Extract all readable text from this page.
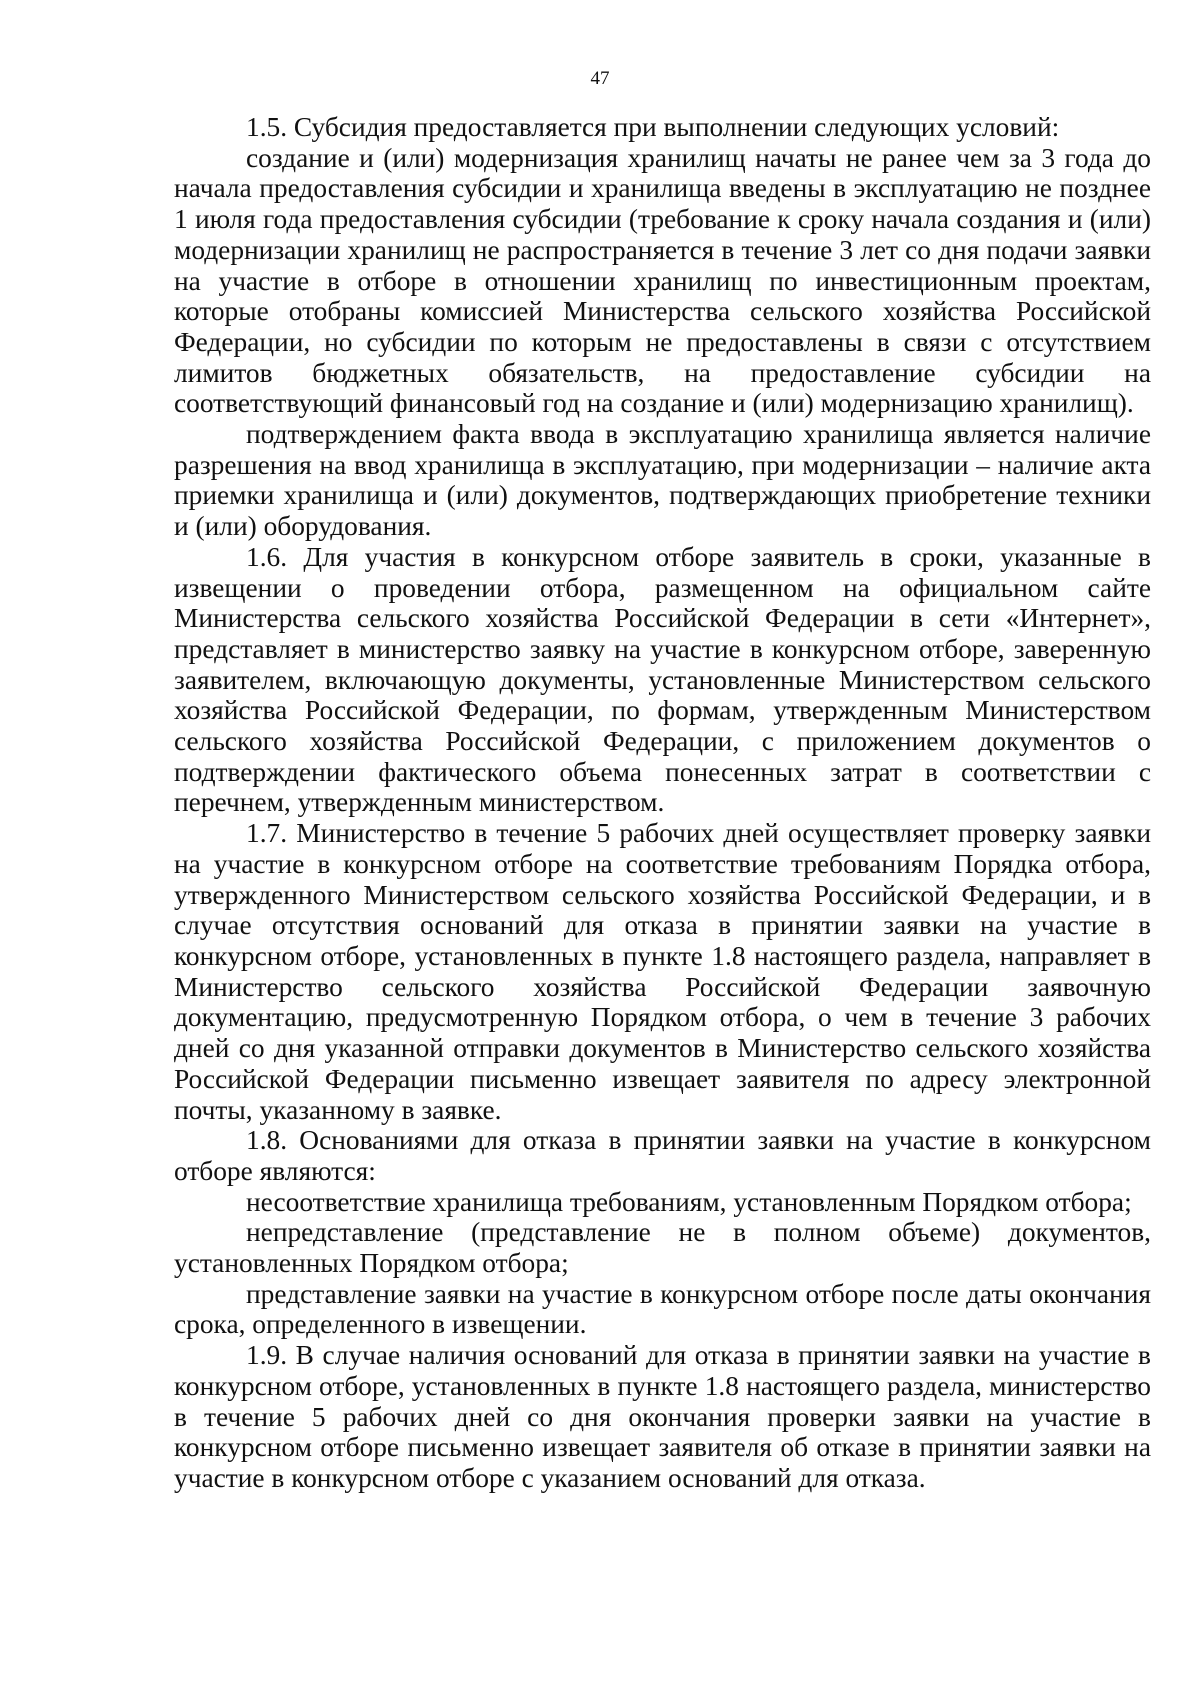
47

1.5. Субсидия предоставляется при выполнении следующих условий:

создание и (или) модернизация хранилищ начаты не ранее чем за 3 года до начала предоставления субсидии и хранилища введены в эксплуатацию не позднее 1 июля года предоставления субсидии (требование к сроку начала создания и (или) модернизации хранилищ не распространяется в течение 3 лет со дня подачи заявки на участие в отборе в отношении хранилищ по инвестиционным проектам, которые отобраны комиссией Министерства сельского хозяйства Российской Федерации, но субсидии по которым не предоставлены в связи с отсутствием лимитов бюджетных обязательств, на предоставление субсидии на соответствующий финансовый год на создание и (или) модернизацию хранилищ).

подтверждением факта ввода в эксплуатацию хранилища является наличие разрешения на ввод хранилища в эксплуатацию, при модернизации – наличие акта приемки хранилища и (или) документов, подтверждающих приобретение техники и (или) оборудования.

1.6. Для участия в конкурсном отборе заявитель в сроки, указанные в извещении о проведении отбора, размещенном на официальном сайте Министерства сельского хозяйства Российской Федерации в сети «Интернет», представляет в министерство заявку на участие в конкурсном отборе, заверенную заявителем, включающую документы, установленные Министерством сельского хозяйства Российской Федерации, по формам, утвержденным Министерством сельского хозяйства Российской Федерации, с приложением документов о подтверждении фактического объема понесенных затрат в соответствии с перечнем, утвержденным министерством.

1.7. Министерство в течение 5 рабочих дней осуществляет проверку заявки на участие в конкурсном отборе на соответствие требованиям Порядка отбора, утвержденного Министерством сельского хозяйства Российской Федерации, и в случае отсутствия оснований для отказа в принятии заявки на участие в конкурсном отборе, установленных в пункте 1.8 настоящего раздела, направляет в Министерство сельского хозяйства Российской Федерации заявочную документацию, предусмотренную Порядком отбора, о чем в течение 3 рабочих дней со дня указанной отправки документов в Министерство сельского хозяйства Российской Федерации письменно извещает заявителя по адресу электронной почты, указанному в заявке.

1.8. Основаниями для отказа в принятии заявки на участие в конкурсном отборе являются:

несоответствие хранилища требованиям, установленным Порядком отбора;

непредставление (представление не в полном объеме) документов, установленных Порядком отбора;

представление заявки на участие в конкурсном отборе после даты окончания срока, определенного в извещении.

1.9. В случае наличия оснований для отказа в принятии заявки на участие в конкурсном отборе, установленных в пункте 1.8 настоящего раздела, министерство в течение 5 рабочих дней со дня окончания проверки заявки на участие в конкурсном отборе письменно извещает заявителя об отказе в принятии заявки на участие в конкурсном отборе с указанием оснований для отказа.
